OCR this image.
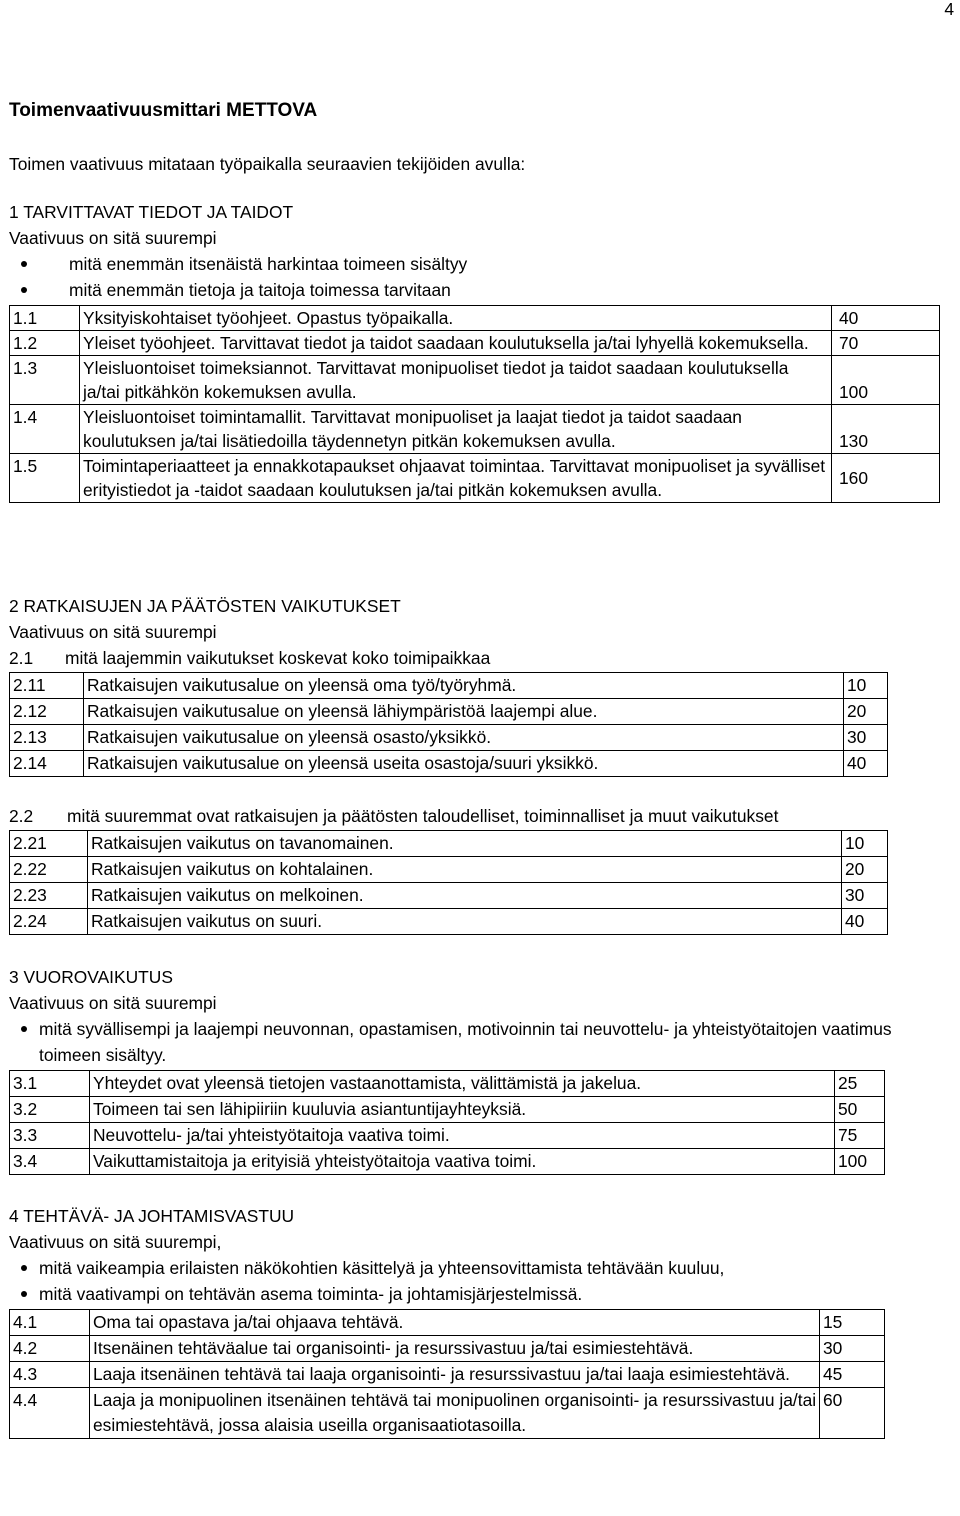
4
Toimenvaativuusmittari METTOVA
Toimen vaativuus mitataan työpaikalla seuraavien tekijöiden avulla:
1 TARVITTAVAT TIEDOT JA TAIDOT
Vaativuus on sitä suurempi
mitä enemmän itsenäistä harkintaa toimeen sisältyy
mitä enemmän tietoja ja taitoja toimessa tarvitaan
1.1	Yksityiskohtaiset työohjeet. Opastus työpaikalla.	40
1.2	Yleiset työohjeet. Tarvittavat tiedot ja taidot saadaan koulutuksella ja/tai lyhyellä kokemuksella.	70
1.3	Yleisluontoiset toimeksiannot. Tarvittavat monipuoliset tiedot ja taidot saadaan koulutuksella ja/tai pitkähkön kokemuksen avulla.	100
1.4	Yleisluontoiset toimintamallit. Tarvittavat monipuoliset ja laajat tiedot ja taidot saadaan koulutuksen ja/tai lisätiedoilla täydennetyn pitkän kokemuksen avulla.	130
1.5	Toimintaperiaatteet ja ennakkotapaukset ohjaavat toimintaa. Tarvittavat monipuoliset ja syvälliset erityistiedot ja -taidot saadaan koulutuksen ja/tai pitkän kokemuksen avulla.	160
2 RATKAISUJEN JA PÄÄTÖSTEN VAIKUTUKSET
Vaativuus on sitä suurempi
2.1 mitä laajemmin vaikutukset koskevat koko toimipaikkaa
2.11	Ratkaisujen vaikutusalue on yleensä oma työ/työryhmä.	10
2.12	Ratkaisujen vaikutusalue on yleensä lähiympäristöä laajempi alue.	20
2.13	Ratkaisujen vaikutusalue on yleensä osasto/yksikkö.	30
2.14	Ratkaisujen vaikutusalue on yleensä useita osastoja/suuri yksikkö.	40
2.2 mitä suuremmat ovat ratkaisujen ja päätösten taloudelliset, toiminnalliset ja muut vaikutukset
2.21	Ratkaisujen vaikutus on tavanomainen.	10
2.22	Ratkaisujen vaikutus on kohtalainen.	20
2.23	Ratkaisujen vaikutus on melkoinen.	30
2.24	Ratkaisujen vaikutus on suuri.	40
3 VUOROVAIKUTUS
Vaativuus on sitä suurempi
mitä syvällisempi ja laajempi neuvonnan, opastamisen, motivoinnin tai neuvottelu- ja yhteistyötaitojen vaatimus toimeen sisältyy.
3.1	Yhteydet ovat yleensä tietojen vastaanottamista, välittämistä ja jakelua.	25
3.2	Toimeen tai sen lähipiiriin kuuluvia asiantuntijayhteyksiä.	50
3.3	Neuvottelu- ja/tai yhteistyötaitoja vaativa toimi.	75
3.4	Vaikuttamistaitoja ja erityisiä yhteistyötaitoja vaativa toimi.	100
4 TEHTÄVÄ- JA JOHTAMISVASTUU
Vaativuus on sitä suurempi,
mitä vaikeampia erilaisten näkökohtien käsittelyä ja yhteensovittamista tehtävään kuuluu,
mitä vaativampi on tehtävän asema toiminta- ja johtamisjärjestelmissä.
4.1	Oma tai opastava ja/tai ohjaava tehtävä.	15
4.2	Itsenäinen tehtäväalue tai organisointi- ja resurssivastuu ja/tai esimiestehtävä.	30
4.3	Laaja itsenäinen tehtävä tai laaja organisointi- ja resurssivastuu ja/tai laaja esimiestehtävä.	45
4.4	Laaja ja monipuolinen itsenäinen tehtävä tai monipuolinen organisointi- ja resurssivastuu ja/tai esimiestehtävä, jossa alaisia useilla organisaatiotasoilla.	60
